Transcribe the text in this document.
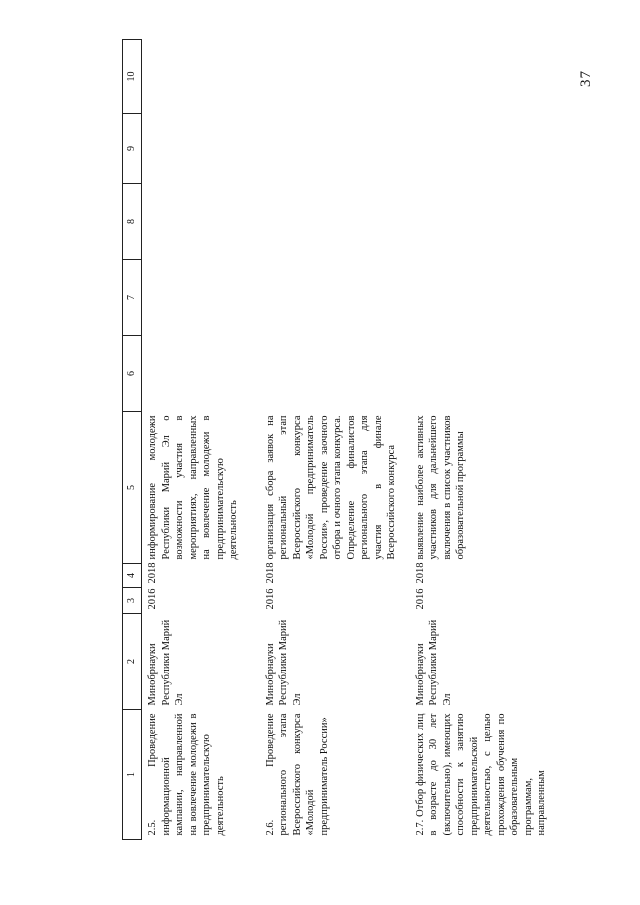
37
1	2	3	4	5	6	7	8	9	10
2.5. Проведение информационной кампании, направленной на вовлечение молодежи в предпринимательскую деятельность	Минобрнауки Республики Марий Эл	2016	2018	информирование молодежи Республики Марий Эл о возможности участия в мероприятиях, направленных на вовлечение молодежи в предпринимательскую деятельность					
2.6. Проведение регионального этапа Всероссийского конкурса «Молодой предприниматель России»	Минобрнауки Республики Марий Эл	2016	2018	организация сбора заявок на региональный этап Всероссийского конкурса «Молодой предприниматель России», проведение заочного отбора и очного этапа конкурса. Определение финалистов регионального этапа для участия в финале Всероссийского конкурса					
2.7. Отбор физических лиц в возрасте до 30 лет (включительно), имеющих способности к занятию предпринимательской деятельностью, с целью прохождения обучения по образовательным программам, направленным	Минобрнауки Республики Марий Эл	2016	2018	выявление наиболее активных участников для дальнейшего включения в список участников образовательной программы					
